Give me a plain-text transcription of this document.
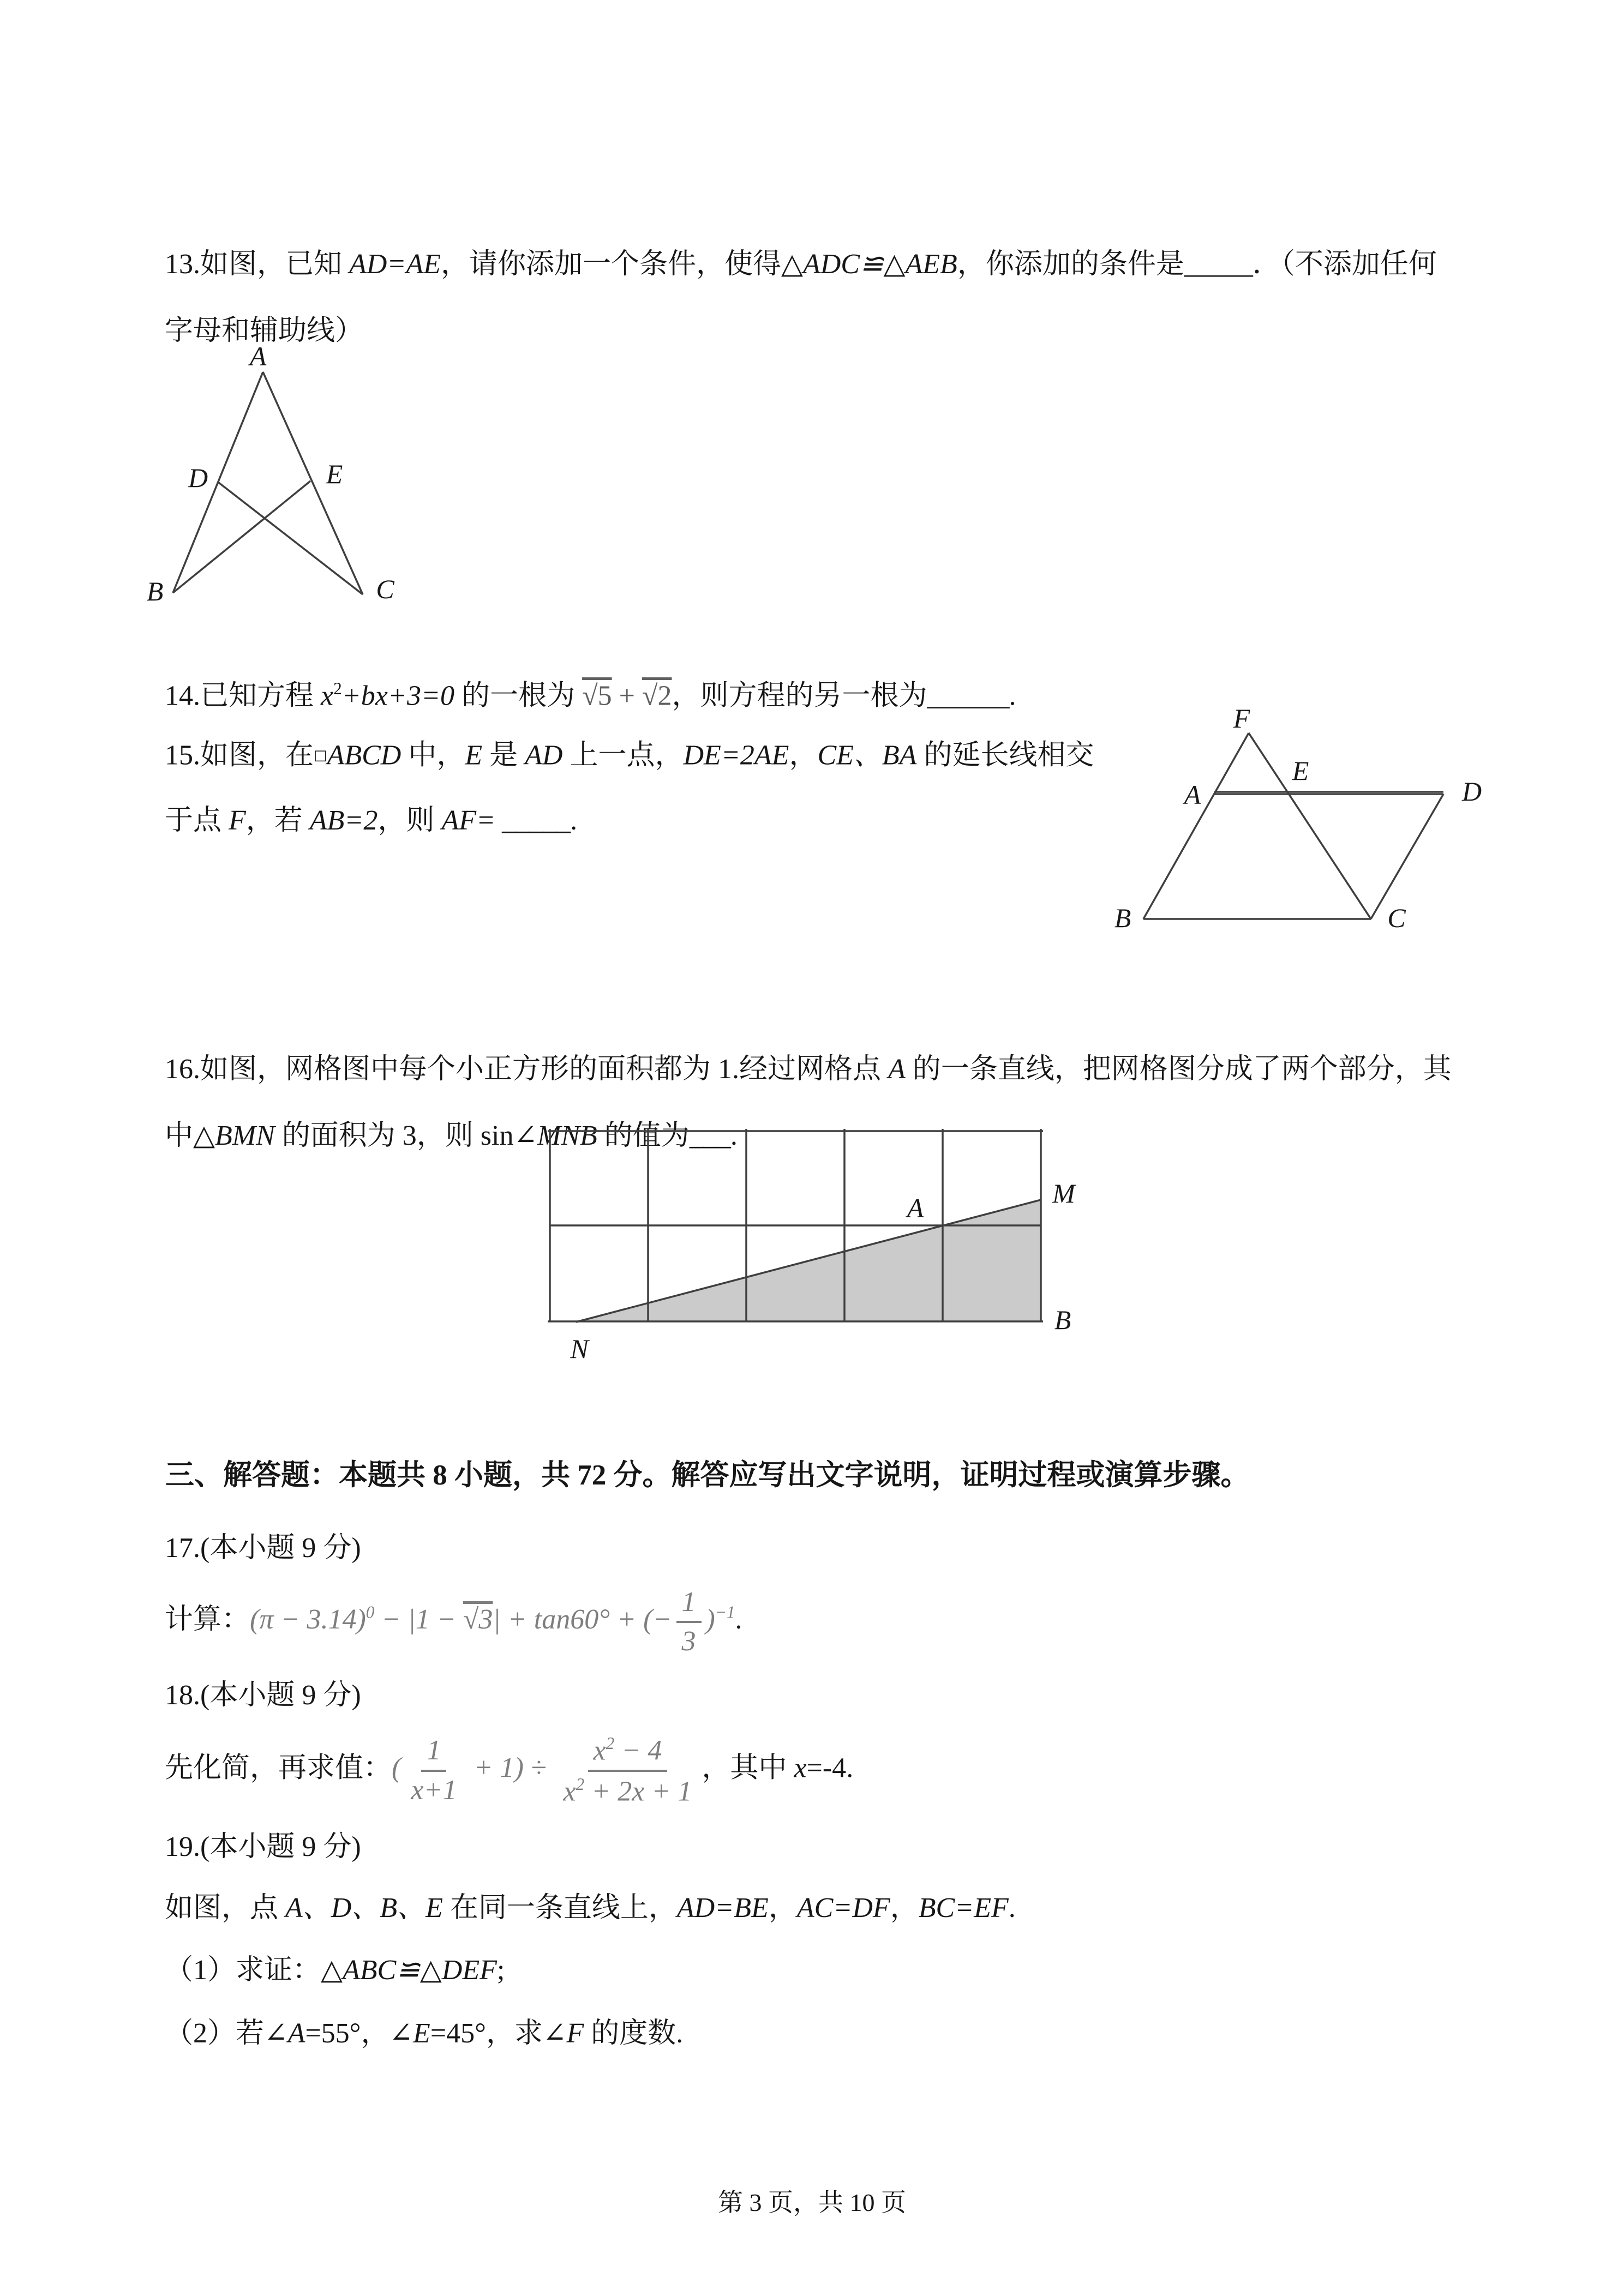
13.如图，已知 AD=AE，请你添加一个条件，使得△ADC≌△AEB，你添加的条件是_____．（不添加任何

字母和辅助线）

A
D	E
B	C

14.已知方程 $x^2+bx+3=0$ 的一根为 √5 + √2，则方程的另一根为______.

15.如图，在□ABCD 中，E 是 AD 上一点，DE=2AE，CE、BA 的延长线相交

于点 F，若 AB=2，则 AF= _____.

F
E
A	D
B	C

16.如图，网格图中每个小正方形的面积都为 1.经过网格点 A 的一条直线，把网格图分成了两个部分，其

中△BMN 的面积为 3，则 sin∠MNB 的值为___.

A	M
B
N

三、解答题：本题共 8 小题，共 72 分。解答应写出文字说明，证明过程或演算步骤。

17.(本小题 9 分)

计算：$(\pi - 3.14)^0 - |1 - √3| + \tan 60^\circ$ + (− $\frac{1}{3} )^{-1}$.

18.(本小题 9 分)

先化简，再求值：( $\frac{1}{x+1} + 1) \div \frac{x^2 - 4}{x^2 + 2x + 1}$ ，其中 x=-4.

19.(本小题 9 分)

如图，点 A、D、B、E 在同一条直线上，AD=BE，AC=DF，BC=EF.

（1）求证：△ABC≌△DEF;

（2）若∠A=55°，∠E=45°，求∠F 的度数.

第 3 页，共 10 页
